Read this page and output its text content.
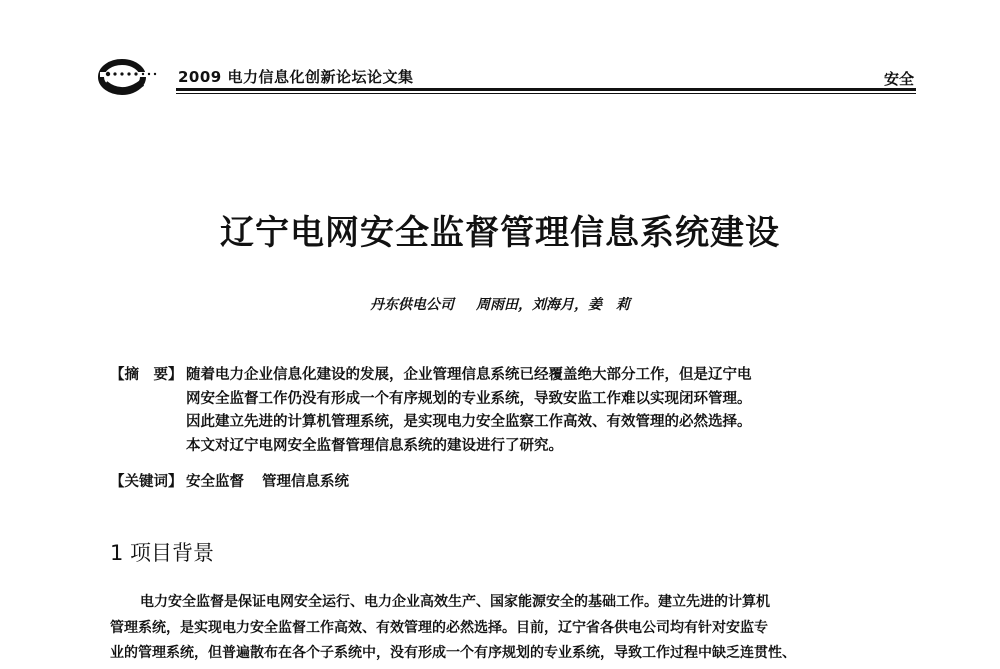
2009 电力信息化创新论坛论文集	安全
辽宁电网安全监督管理信息系统建设
丹东供电公司 周雨田，刘海月，姜　莉
【摘　要】 随着电力企业信息化建设的发展，企业管理信息系统已经覆盖绝大部分工作，但是辽宁电
网安全监督工作仍没有形成一个有序规划的专业系统，导致安监工作难以实现闭环管理。
因此建立先进的计算机管理系统，是实现电力安全监察工作高效、有效管理的必然选择。
本文对辽宁电网安全监督管理信息系统的建设进行了研究。
【关键词】 安全监督 管理信息系统
1 项目背景
电力安全监督是保证电网安全运行、电力企业高效生产、国家能源安全的基础工作。建立先进的计算机
管理系统，是实现电力安全监督工作高效、有效管理的必然选择。目前，辽宁省各供电公司均有针对安监专
业的管理系统，但普遍散布在各个子系统中，没有形成一个有序规划的专业系统，导致工作过程中缺乏连贯性、
